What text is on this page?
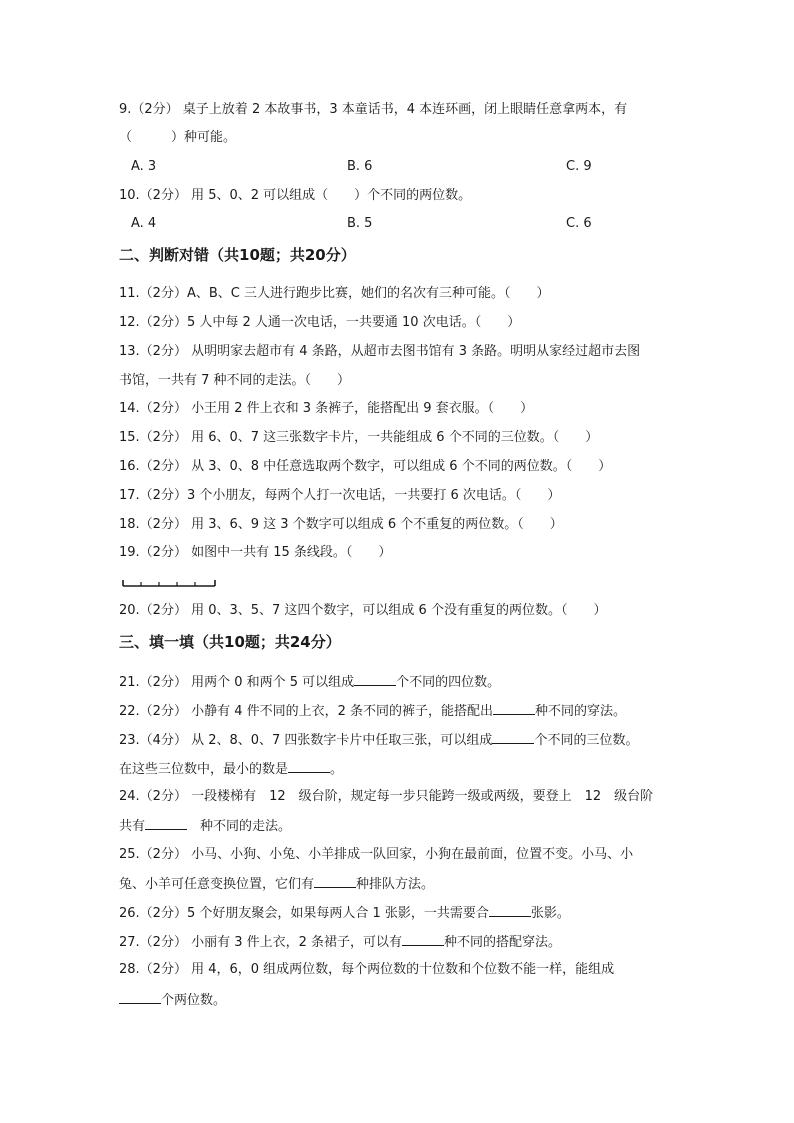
9.（2分） 桌子上放着 2 本故事书，3 本童话书，4 本连环画，闭上眼睛任意拿两本，有
（　　　）种可能。
A. 3	B. 6	C. 9
10.（2分） 用 5、0、2 可以组成（　　）个不同的两位数。
A. 4	B. 5	C. 6
二、判断对错（共10题；共20分）
11.（2分）A、B、C 三人进行跑步比赛，她们的名次有三种可能。（　　）
12.（2分）5 人中每 2 人通一次电话，一共要通 10 次电话。（　　）
13.（2分） 从明明家去超市有 4 条路，从超市去图书馆有 3 条路。明明从家经过超市去图
书馆，一共有 7 种不同的走法。（　　）
14.（2分） 小王用 2 件上衣和 3 条裤子，能搭配出 9 套衣服。（　　）
15.（2分） 用 6、0、7 这三张数字卡片，一共能组成 6 个不同的三位数。（　　）
16.（2分） 从 3、0、8 中任意选取两个数字，可以组成 6 个不同的两位数。（　　）
17.（2分）3 个小朋友，每两个人打一次电话，一共要打 6 次电话。（　　）
18.（2分） 用 3、6、9 这 3 个数字可以组成 6 个不重复的两位数。（　　）
19.（2分） 如图中一共有 15 条线段。（　　）
20.（2分） 用 0、3、5、7 这四个数字，可以组成 6 个没有重复的两位数。（　　）
三、填一填（共10题；共24分）
21.（2分） 用两个 0 和两个 5 可以组成	个不同的四位数。
22.（2分） 小静有 4 件不同的上衣，2 条不同的裤子，能搭配出	种不同的穿法。
23.（4分） 从 2、8、0、7 四张数字卡片中任取三张，可以组成	个不同的三位数。
在这些三位数中，最小的数是	。
24.（2分） 一段楼梯有　12　级台阶，规定每一步只能跨一级或两级，要登上　12　级台阶
共有	　种不同的走法。
25.（2分） 小马、小狗、小兔、小羊排成一队回家，小狗在最前面，位置不变。小马、小
兔、小羊可任意变换位置，它们有	种排队方法。
26.（2分）5 个好朋友聚会，如果每两人合 1 张影，一共需要合	张影。
27.（2分） 小丽有 3 件上衣，2 条裙子，可以有	种不同的搭配穿法。
28.（2分） 用 4，6，0 组成两位数，每个两位数的十位数和个位数不能一样，能组成
个两位数。
